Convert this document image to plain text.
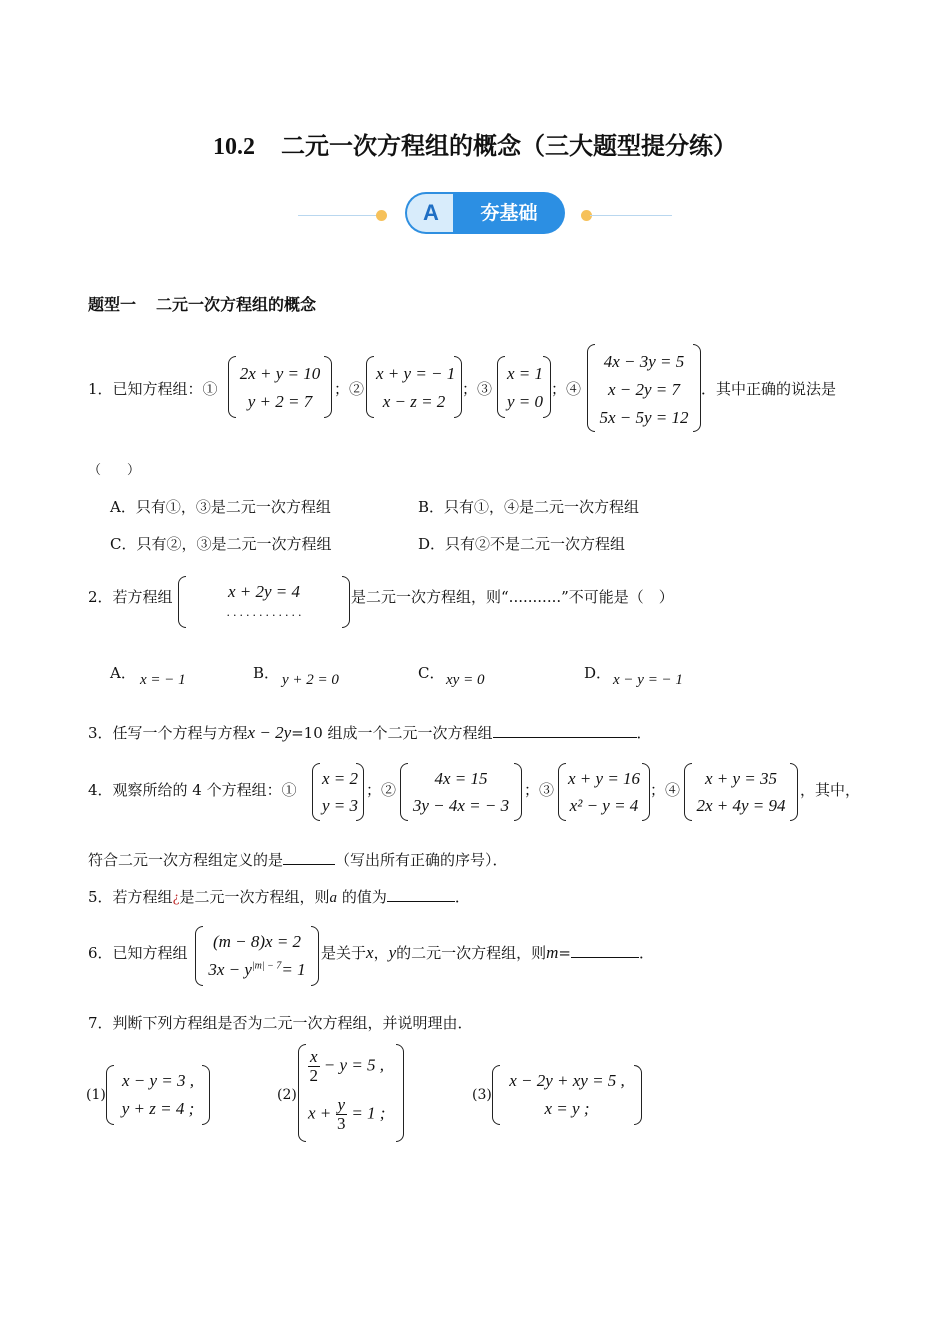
10.2 二元一次方程组的概念（三大题型提分练）
A	夯基础
题型一 二元一次方程组的概念
1．已知方程组：①
2x + y = 10
y + 2 = 7
；②
x + y = − 1
x − z = 2
；③
x = 1
y = 0
；④
4x − 3y = 5
x − 2y = 7
5x − 5y = 12
．其中正确的说法是
（　　）
A．只有①，③是二元一次方程组	B．只有①，④是二元一次方程组
C．只有②，③是二元一次方程组	D．只有②不是二元一次方程组
2．若方程组	x + 2y = 4
. . . . . . . . . . . .
是二元一次方程组，则“...........”不可能是（　）
A． x = − 1	B． y + 2 = 0	C． xy = 0	D． x − y = − 1
3．任写一个方程与方程x − 2y=10 组成一个二元一次方程组	．
4．观察所给的 4 个方程组：①
x = 2
y = 3
；②
4x = 15
3y − 4x = − 3
；③
x + y = 16
x² − y = 4
；④
x + y = 35
2x + 4y = 94
，其中，
符合二元一次方程组定义的是	（写出所有正确的序号）．
5．若方程组¿是二元一次方程组，则a 的值为	．
6．已知方程组
(m − 8)x = 2
$3x - y^{|m| - 7}= 1$
是关于x，y的二元一次方程组，则m=	．
7．判断下列方程组是否为二元一次方程组，并说明理由．
(1)
x − y = 3 ,
y + z = 4 ;
(2)
$\frac{x}{2} - y = 5$ ,
$x + \frac{y}{3} = 1$ ;
(3)
x − 2y + xy = 5 ,
x = y ;
